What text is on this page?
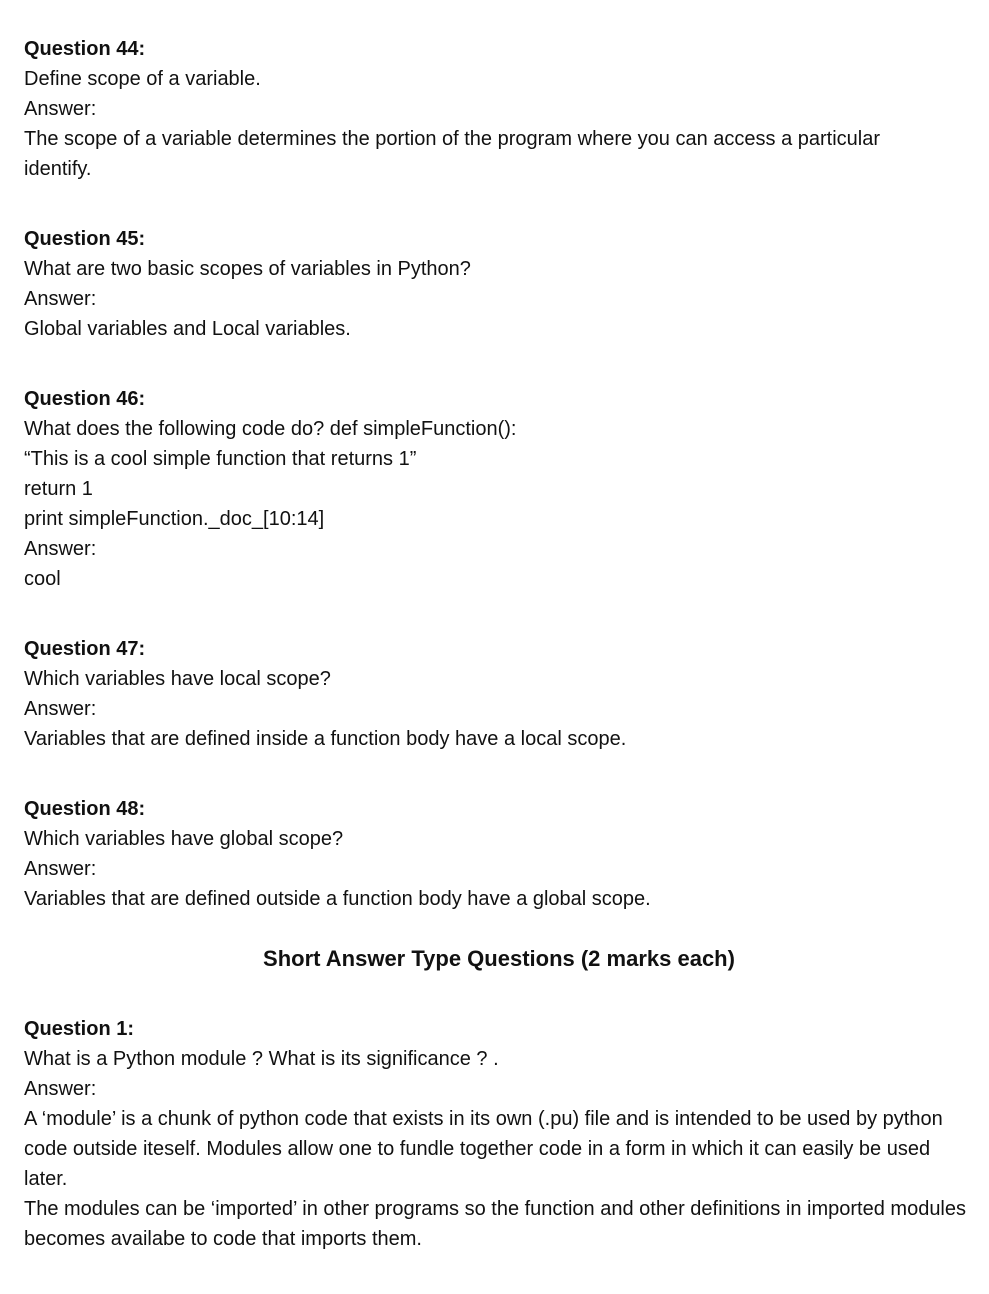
Question 44:

Define scope of a variable.

Answer:

The scope of a variable determines the portion of the program where you can access a particular identify.

Question 45:

What are two basic scopes of variables in Python?

Answer:

Global variables and Local variables.

Question 46:

What does the following code do? def simpleFunction():

“This is a cool simple function that returns 1”

return 1

print simpleFunction._doc_[10:14]

Answer:

cool

Question 47:

Which variables have local scope?

Answer:

Variables that are defined inside a function body have a local scope.

Question 48:

Which variables have global scope?

Answer:

Variables that are defined outside a function body have a global scope.

Short Answer Type Questions (2 marks each)

Question 1:

What is a Python module ? What is its significance ? .

Answer:

A ‘module’ is a chunk of python code that exists in its own (.pu) file and is intended to be used by python code outside iteself. Modules allow one to fundle together code in a form in which it can easily be used later.

The modules can be ‘imported’ in other programs so the function and other definitions in imported modules becomes availabe to code that imports them.
